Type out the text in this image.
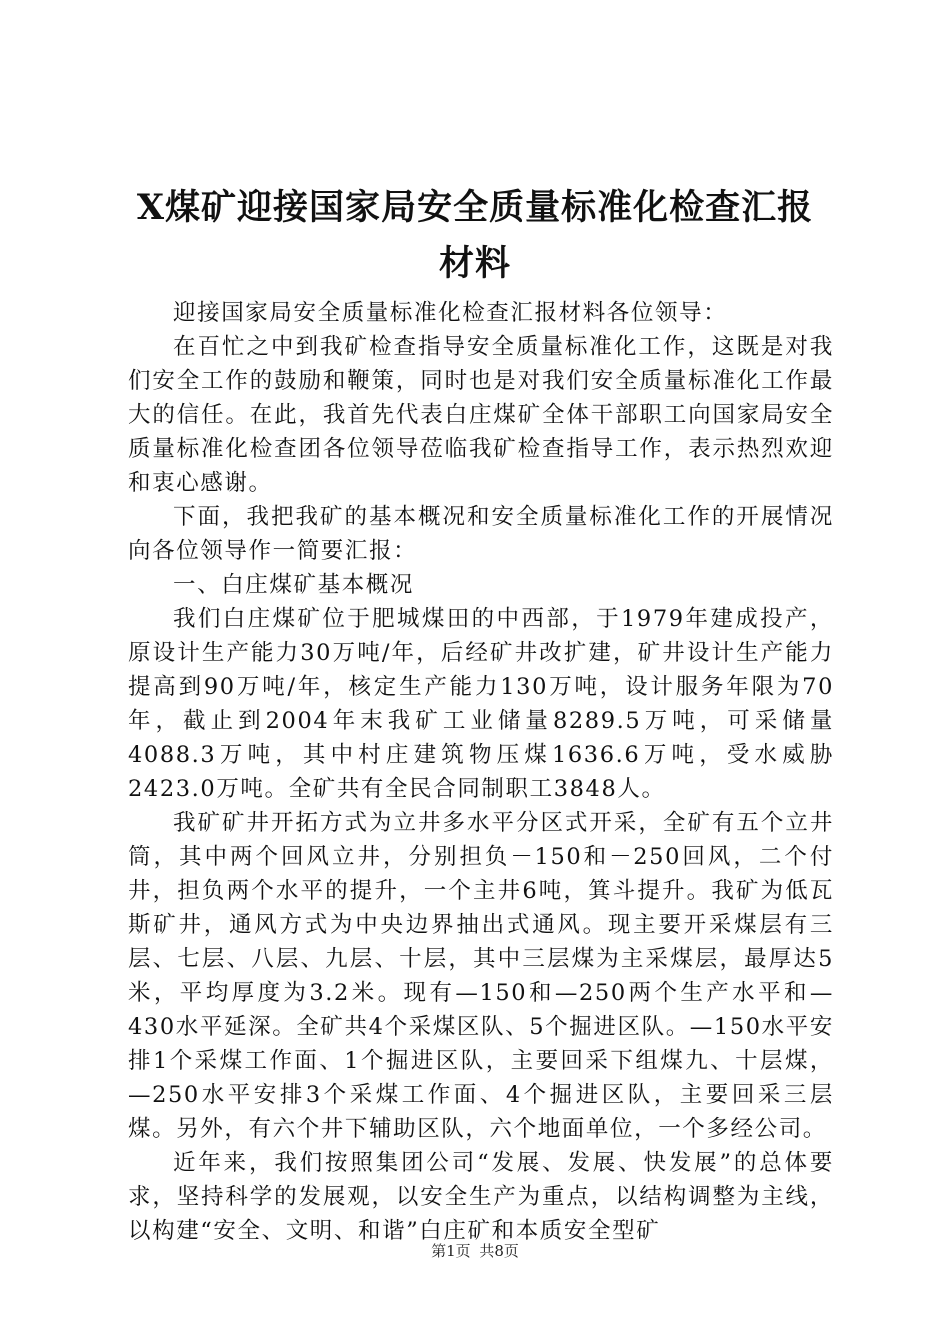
X煤矿迎接国家局安全质量标准化检查汇报材料

迎接国家局安全质量标准化检查汇报材料各位领导：

在百忙之中到我矿检查指导安全质量标准化工作，这既是对我们安全工作的鼓励和鞭策，同时也是对我们安全质量标准化工作最大的信任。在此，我首先代表白庄煤矿全体干部职工向国家局安全质量标准化检查团各位领导莅临我矿检查指导工作，表示热烈欢迎和衷心感谢。

下面，我把我矿的基本概况和安全质量标准化工作的开展情况向各位领导作一简要汇报：

一、白庄煤矿基本概况

我们白庄煤矿位于肥城煤田的中西部，于1979年建成投产，原设计生产能力30万吨/年，后经矿井改扩建，矿井设计生产能力提高到90万吨/年，核定生产能力130万吨，设计服务年限为70年，截止到2004年末我矿工业储量8289.5万吨，可采储量4088.3万吨，其中村庄建筑物压煤1636.6万吨，受水威胁2423.0万吨。全矿共有全民合同制职工3848人。

我矿矿井开拓方式为立井多水平分区式开采，全矿有五个立井筒，其中两个回风立井，分别担负－150和－250回风，二个付井，担负两个水平的提升，一个主井6吨，箕斗提升。我矿为低瓦斯矿井，通风方式为中央边界抽出式通风。现主要开采煤层有三层、七层、八层、九层、十层，其中三层煤为主采煤层，最厚达5米，平均厚度为3.2米。现有—150和—250两个生产水平和—430水平延深。全矿共4个采煤区队、5个掘进区队。—150水平安排1个采煤工作面、1个掘进区队，主要回采下组煤九、十层煤，—250水平安排3个采煤工作面、4个掘进区队，主要回采三层煤。另外，有六个井下辅助区队，六个地面单位，一个多经公司。

近年来，我们按照集团公司“发展、发展、快发展”的总体要求，坚持科学的发展观，以安全生产为重点，以结构调整为主线，以构建“安全、文明、和谐”白庄矿和本质安全型矿

第1页 共8页
